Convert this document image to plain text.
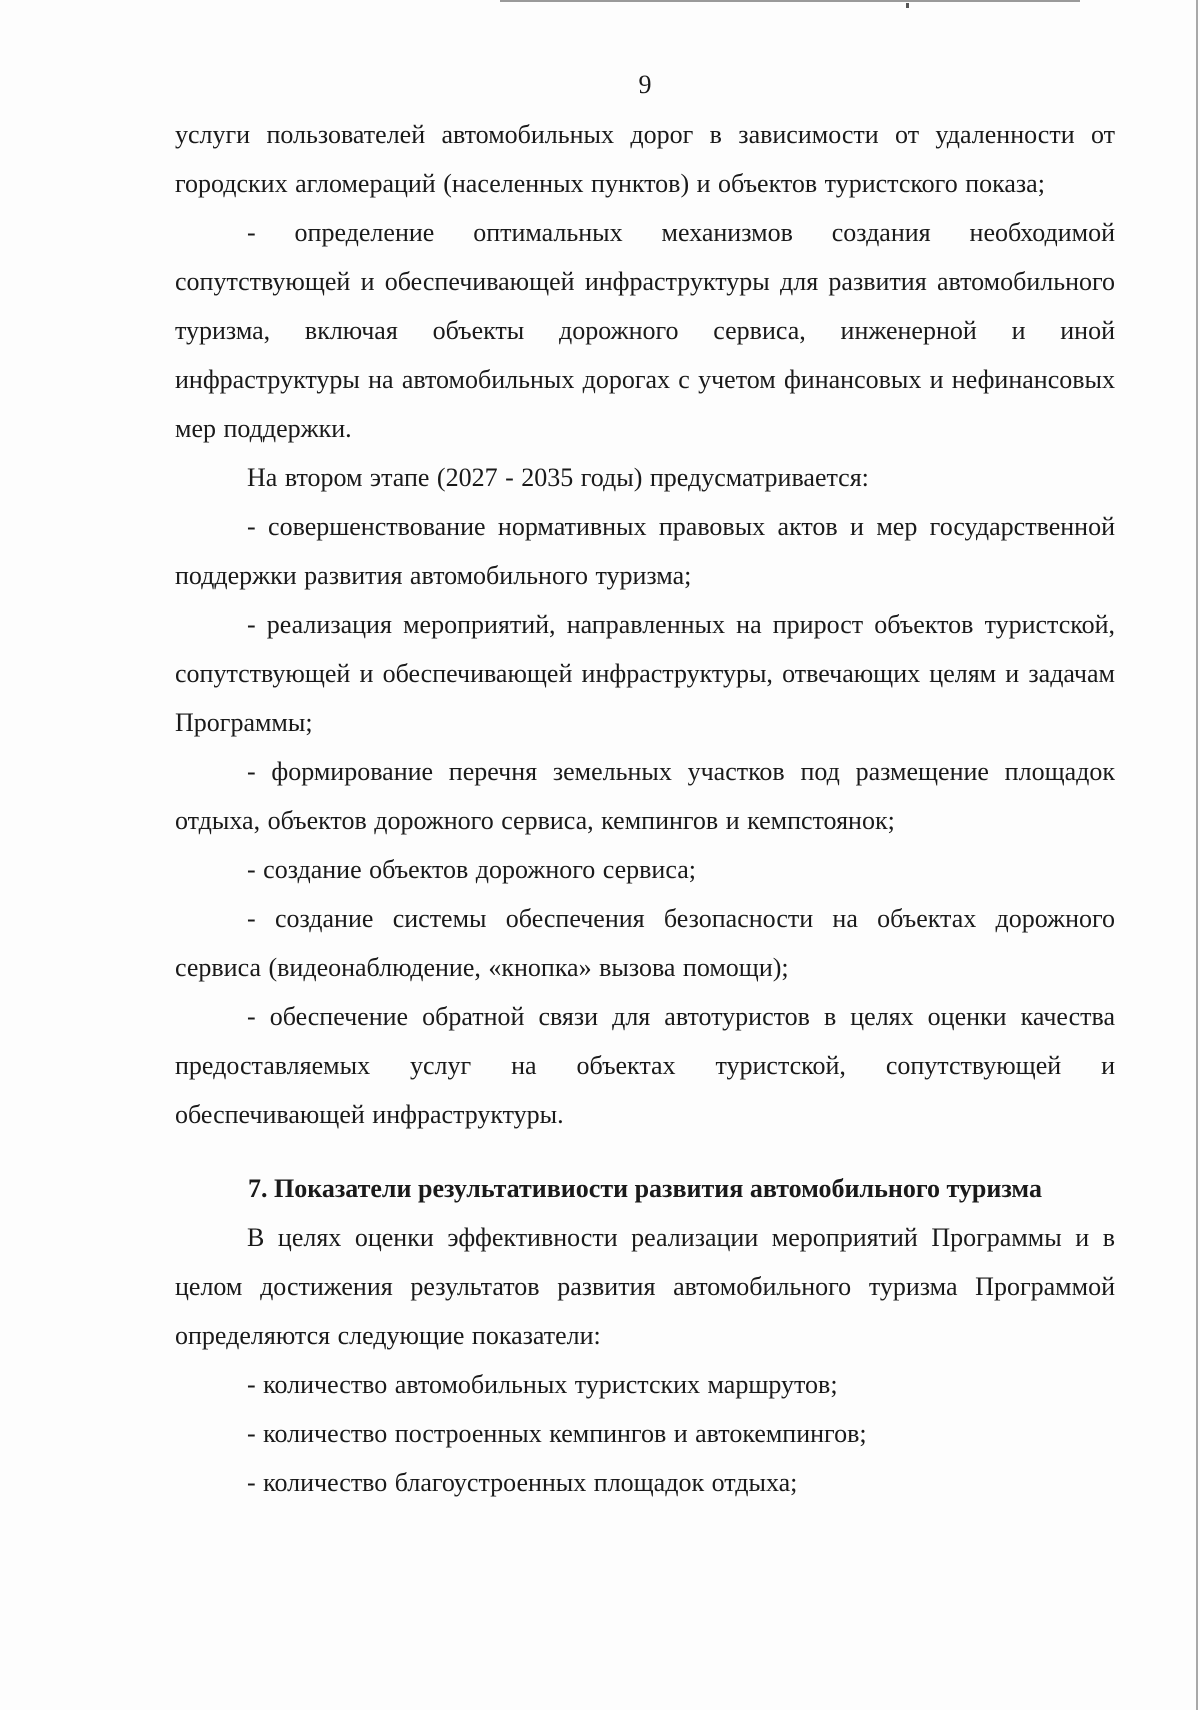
9

услуги пользователей автомобильных дорог в зависимости от удаленности от городских агломераций (населенных пунктов) и объектов туристского показа;

- определение оптимальных механизмов создания необходимой сопутствующей и обеспечивающей инфраструктуры для развития автомобильного туризма, включая объекты дорожного сервиса, инженерной и иной инфраструктуры на автомобильных дорогах с учетом финансовых и нефинансовых мер поддержки.

На втором этапе (2027 - 2035 годы) предусматривается:

- совершенствование нормативных правовых актов и мер государственной поддержки развития автомобильного туризма;

- реализация мероприятий, направленных на прирост объектов туристской, сопутствующей и обеспечивающей инфраструктуры, отвечающих целям и задачам Программы;

- формирование перечня земельных участков под размещение площадок отдыха, объектов дорожного сервиса, кемпингов и кемпстоянок;

- создание объектов дорожного сервиса;

- создание системы обеспечения безопасности на объектах дорожного сервиса (видеонаблюдение, «кнопка» вызова помощи);

- обеспечение обратной связи для автотуристов в целях оценки качества предоставляемых услуг на объектах туристской, сопутствующей и обеспечивающей инфраструктуры.

7. Показатели результативиости развития автомобильного туризма

В целях оценки эффективности реализации мероприятий Программы и в целом достижения результатов развития автомобильного туризма Программой определяются следующие показатели:

- количество автомобильных туристских маршрутов;

- количество построенных кемпингов и автокемпингов;

- количество благоустроенных площадок отдыха;
